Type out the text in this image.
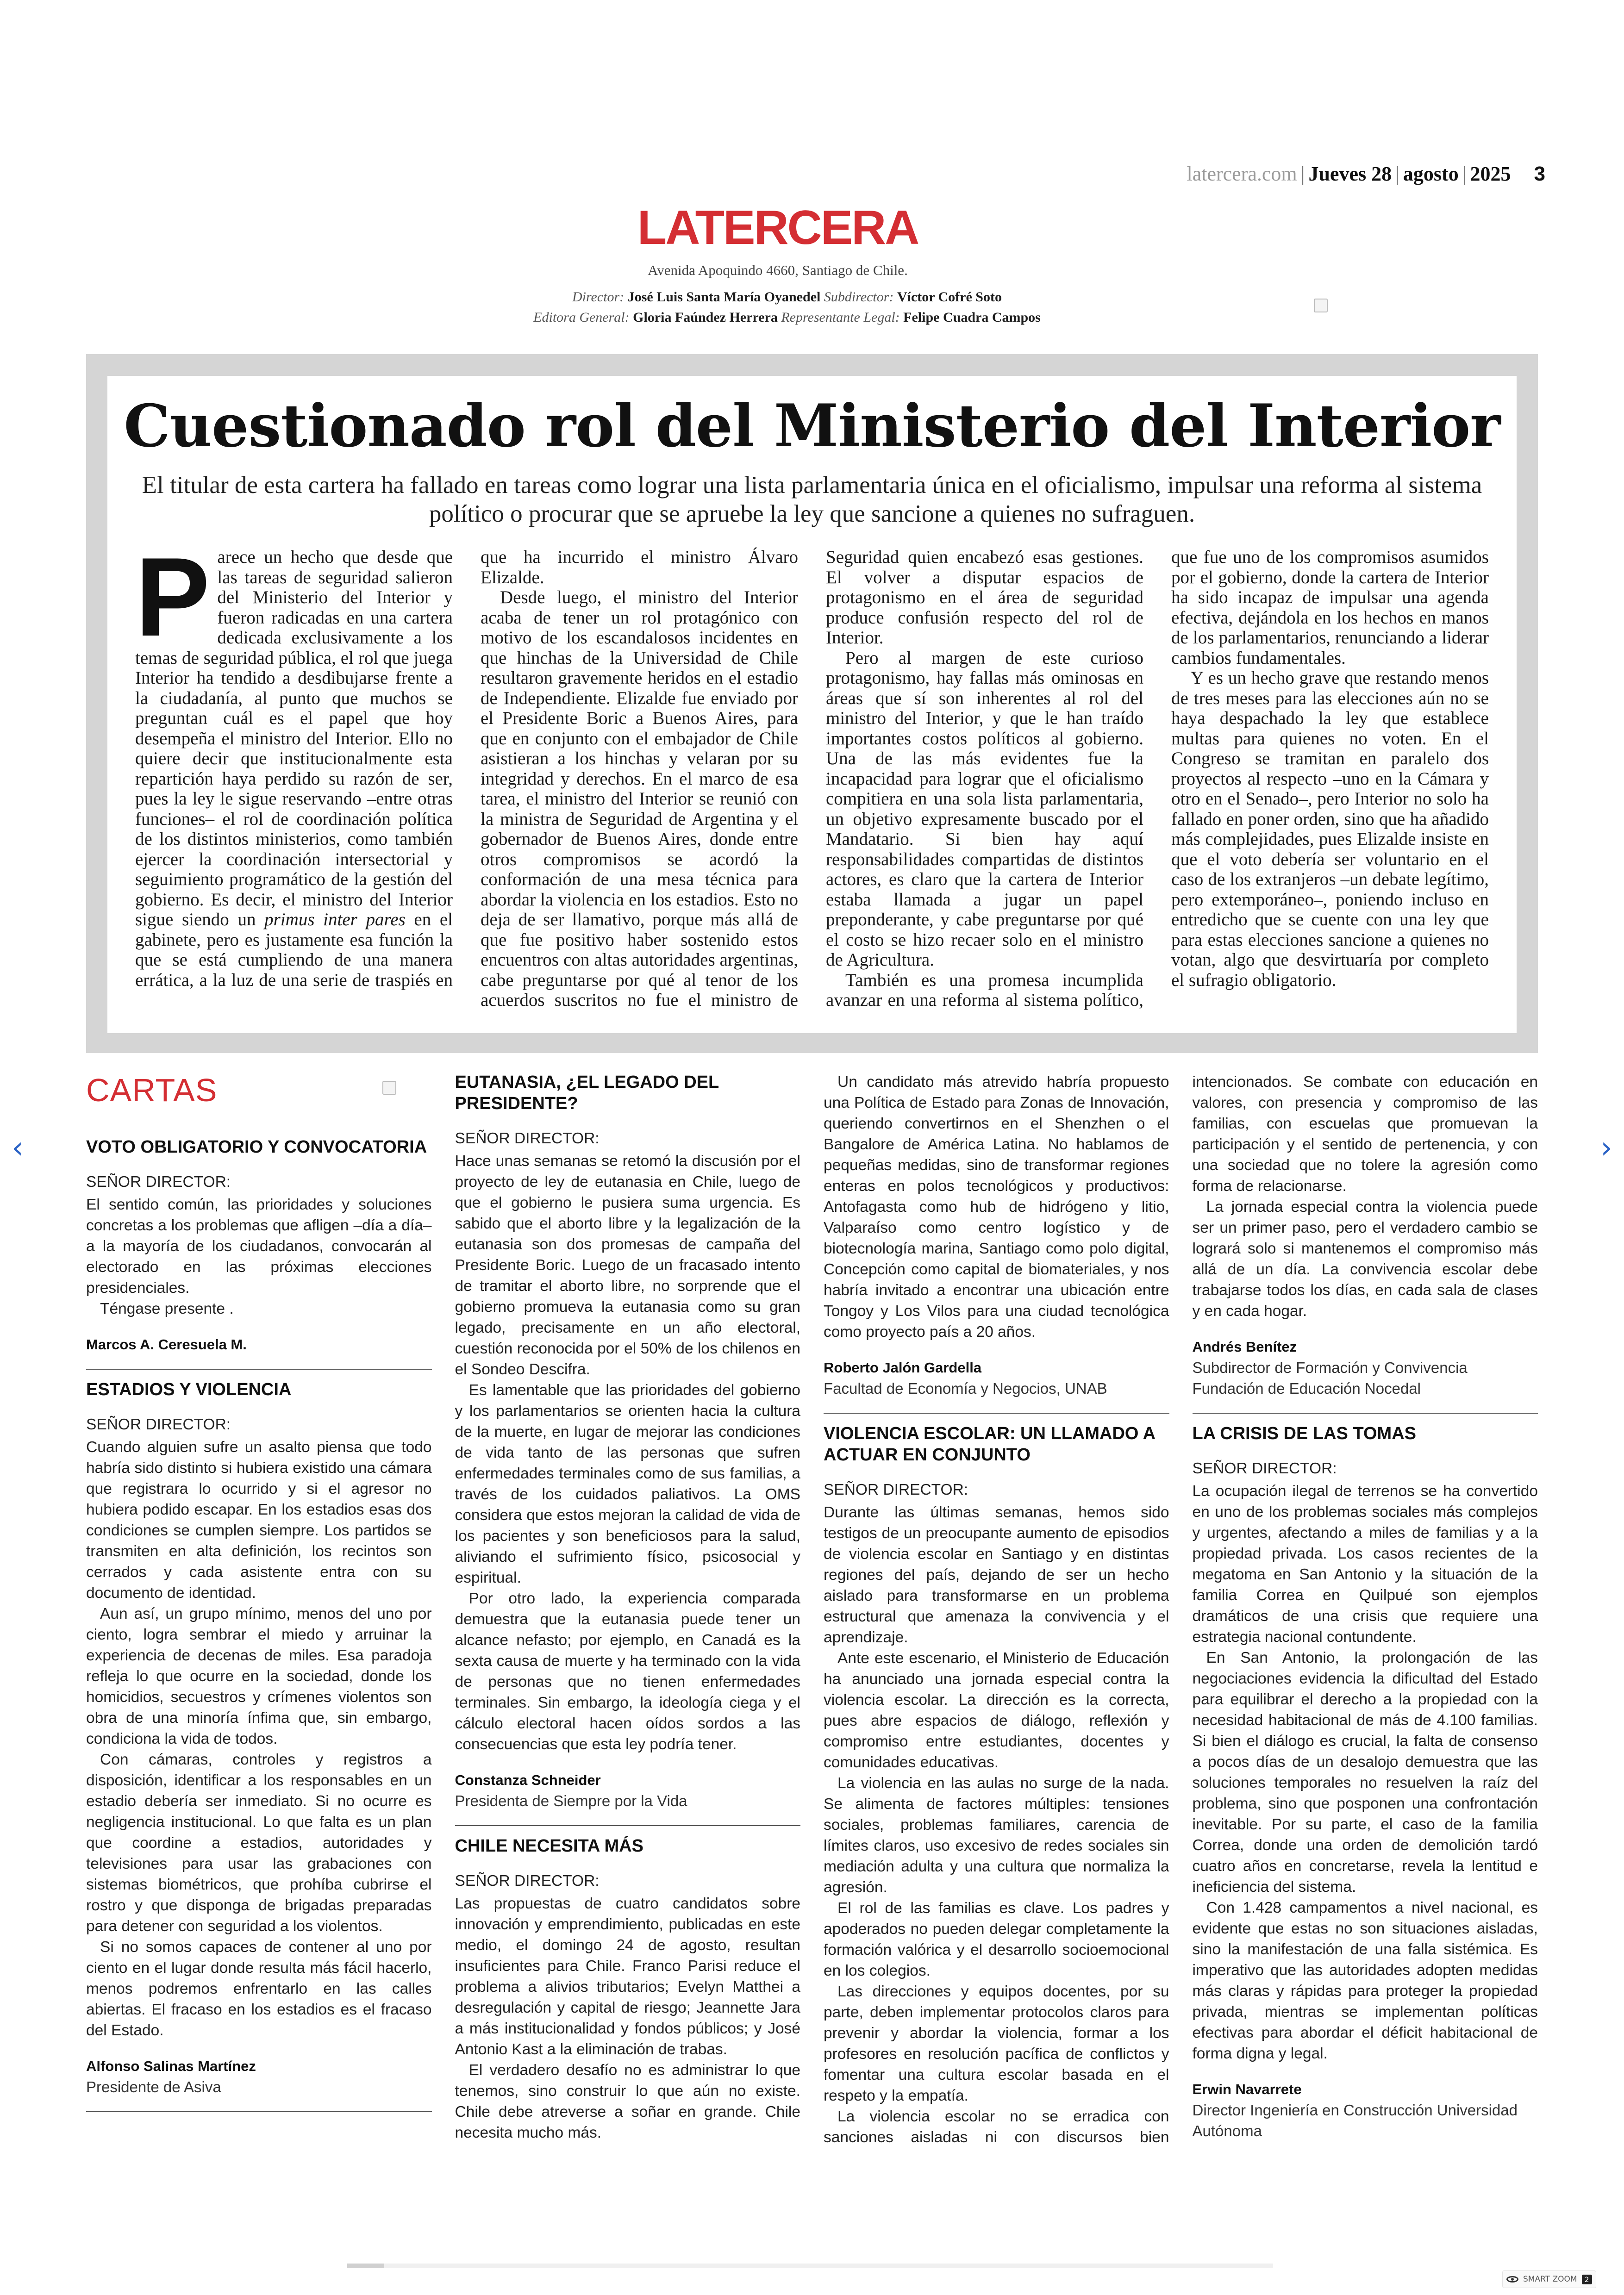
latercera.com | Jueves 28 | agosto | 2025 3
LATERCERA
Avenida Apoquindo 4660, Santiago de Chile.
Director: José Luis Santa María Oyanedel Subdirector: Víctor Cofré Soto
Editora General: Gloria Faúndez Herrera Representante Legal: Felipe Cuadra Campos
Cuestionado rol del Ministerio del Interior
El titular de esta cartera ha fallado en tareas como lograr una lista parlamentaria única en el oficialismo, impulsar una reforma al sistema político o procurar que se apruebe la ley que sancione a quienes no sufraguen.

Parece un hecho que desde que las tareas de seguridad salieron del Ministerio del Interior y fueron radicadas en una cartera dedicada exclusivamente a los temas de seguridad pública, el rol que juega Interior ha tendido a desdibujarse frente a la ciudadanía, al punto que muchos se preguntan cuál es el papel que hoy desempeña el ministro del Interior. Ello no quiere decir que institucionalmente esta repartición haya perdido su razón de ser, pues la ley le sigue reservando –entre otras funciones– el rol de coordinación política de los distintos ministerios, como también ejercer la coordinación intersectorial y seguimiento programático de la gestión del gobierno. Es decir, el ministro del Interior sigue siendo un primus inter pares en el gabinete, pero es justamente esa función la que se está cumpliendo de una manera errática, a la luz de una serie de traspiés en que ha incurrido el ministro Álvaro Elizalde.

Desde luego, el ministro del Interior acaba de tener un rol protagónico con motivo de los escandalosos incidentes en que hinchas de la Universidad de Chile resultaron gravemente heridos en el estadio de Independiente. Elizalde fue enviado por el Presidente Boric a Buenos Aires, para que en conjunto con el embajador de Chile asistieran a los hinchas y velaran por su integridad y derechos. En el marco de esa tarea, el ministro del Interior se reunió con la ministra de Seguridad de Argentina y el gobernador de Buenos Aires, donde entre otros compromisos se acordó la conformación de una mesa técnica para abordar la violencia en los estadios. Esto no deja de ser llamativo, porque más allá de que fue positivo haber sostenido estos encuentros con altas autoridades argentinas, cabe preguntarse por qué al tenor de los acuerdos suscritos no fue el ministro de Seguridad quien encabezó esas gestiones. El volver a disputar espacios de protagonismo en el área de seguridad produce confusión respecto del rol de Interior.

Pero al margen de este curioso protagonismo, hay fallas más ominosas en áreas que sí son inherentes al rol del ministro del Interior, y que le han traído importantes costos políticos al gobierno. Una de las más evidentes fue la incapacidad para lograr que el oficialismo compitiera en una sola lista parlamentaria, un objetivo expresamente buscado por el Mandatario. Si bien hay aquí responsabilidades compartidas de distintos actores, es claro que la cartera de Interior estaba llamada a jugar un papel preponderante, y cabe preguntarse por qué el costo se hizo recaer solo en el ministro de Agricultura.

También es una promesa incumplida avanzar en una reforma al sistema político, que fue uno de los compromisos asumidos por el gobierno, donde la cartera de Interior ha sido incapaz de impulsar una agenda efectiva, dejándola en los hechos en manos de los parlamentarios, renunciando a liderar cambios fundamentales.

Y es un hecho grave que restando menos de tres meses para las elecciones aún no se haya despachado la ley que establece multas para quienes no voten. En el Congreso se tramitan en paralelo dos proyectos al respecto –uno en la Cámara y otro en el Senado–, pero Interior no solo ha fallado en poner orden, sino que ha añadido más complejidades, pues Elizalde insiste en que el voto debería ser voluntario en el caso de los extranjeros –un debate legítimo, pero extemporáneo–, poniendo incluso en entredicho que se cuente con una ley que para estas elecciones sancione a quienes no votan, algo que desvirtuaría por completo el sufragio obligatorio.

CARTAS
VOTO OBLIGATORIO Y CONVOCATORIA
SEÑOR DIRECTOR:

El sentido común, las prioridades y soluciones concretas a los problemas que afligen –día a día– a la mayoría de los ciudadanos, convocarán al electorado en las próximas elecciones presidenciales.

Téngase presente .

Marcos A. Ceresuela M.
ESTADIOS Y VIOLENCIA
SEÑOR DIRECTOR:

Cuando alguien sufre un asalto piensa que todo habría sido distinto si hubiera existido una cámara que registrara lo ocurrido y si el agresor no hubiera podido escapar. En los estadios esas dos condiciones se cumplen siempre. Los partidos se transmiten en alta definición, los recintos son cerrados y cada asistente entra con su documento de identidad.

Aun así, un grupo mínimo, menos del uno por ciento, logra sembrar el miedo y arruinar la experiencia de decenas de miles. Esa paradoja refleja lo que ocurre en la sociedad, donde los homicidios, secuestros y crímenes violentos son obra de una minoría ínfima que, sin embargo, condiciona la vida de todos.

Con cámaras, controles y registros a disposición, identificar a los responsables en un estadio debería ser inmediato. Si no ocurre es negligencia institucional. Lo que falta es un plan que coordine a estadios, autoridades y televisiones para usar las grabaciones con sistemas biométricos, que prohíba cubrirse el rostro y que disponga de brigadas preparadas para detener con seguridad a los violentos.

Si no somos capaces de contener al uno por ciento en el lugar donde resulta más fácil hacerlo, menos podremos enfrentarlo en las calles abiertas. El fracaso en los estadios es el fracaso del Estado.

Alfonso Salinas Martínez
Presidente de Asiva
EUTANASIA, ¿EL LEGADO DEL PRESIDENTE?
SEÑOR DIRECTOR:

Hace unas semanas se retomó la discusión por el proyecto de ley de eutanasia en Chile, luego de que el gobierno le pusiera suma urgencia. Es sabido que el aborto libre y la legalización de la eutanasia son dos promesas de campaña del Presidente Boric. Luego de un fracasado intento de tramitar el aborto libre, no sorprende que el gobierno promueva la eutanasia como su gran legado, precisamente en un año electoral, cuestión reconocida por el 50% de los chilenos en el Sondeo Descifra.

Es lamentable que las prioridades del gobierno y los parlamentarios se orienten hacia la cultura de la muerte, en lugar de mejorar las condiciones de vida tanto de las personas que sufren enfermedades terminales como de sus familias, a través de los cuidados paliativos. La OMS considera que estos mejoran la calidad de vida de los pacientes y son beneficiosos para la salud, aliviando el sufrimiento físico, psicosocial y espiritual.

Por otro lado, la experiencia comparada demuestra que la eutanasia puede tener un alcance nefasto; por ejemplo, en Canadá es la sexta causa de muerte y ha terminado con la vida de personas que no tienen enfermedades terminales. Sin embargo, la ideología ciega y el cálculo electoral hacen oídos sordos a las consecuencias que esta ley podría tener.

Constanza Schneider
Presidenta de Siempre por la Vida
CHILE NECESITA MÁS
SEÑOR DIRECTOR:

Las propuestas de cuatro candidatos sobre innovación y emprendimiento, publicadas en este medio, el domingo 24 de agosto, resultan insuficientes para Chile. Franco Parisi reduce el problema a alivios tributarios; Evelyn Matthei a desregulación y capital de riesgo; Jeannette Jara a más institucionalidad y fondos públicos; y José Antonio Kast a la eliminación de trabas.

El verdadero desafío no es administrar lo que tenemos, sino construir lo que aún no existe. Chile debe atreverse a soñar en grande. Chile necesita mucho más.

Un candidato más atrevido habría propuesto una Política de Estado para Zonas de Innovación, queriendo convertirnos en el Shenzhen o el Bangalore de América Latina. No hablamos de pequeñas medidas, sino de transformar regiones enteras en polos tecnológicos y productivos: Antofagasta como hub de hidrógeno y litio, Valparaíso como centro logístico y de biotecnología marina, Santiago como polo digital, Concepción como capital de biomateriales, y nos habría invitado a encontrar una ubicación entre Tongoy y Los Vilos para una ciudad tecnológica como proyecto país a 20 años.

Roberto Jalón Gardella
Facultad de Economía y Negocios, UNAB
VIOLENCIA ESCOLAR: UN LLAMADO A ACTUAR EN CONJUNTO
SEÑOR DIRECTOR:

Durante las últimas semanas, hemos sido testigos de un preocupante aumento de episodios de violencia escolar en Santiago y en distintas regiones del país, dejando de ser un hecho aislado para transformarse en un problema estructural que amenaza la convivencia y el aprendizaje.

Ante este escenario, el Ministerio de Educación ha anunciado una jornada especial contra la violencia escolar. La dirección es la correcta, pues abre espacios de diálogo, reflexión y compromiso entre estudiantes, docentes y comunidades educativas.

La violencia en las aulas no surge de la nada. Se alimenta de factores múltiples: tensiones sociales, problemas familiares, carencia de límites claros, uso excesivo de redes sociales sin mediación adulta y una cultura que normaliza la agresión.

El rol de las familias es clave. Los padres y apoderados no pueden delegar completamente la formación valórica y el desarrollo socioemocional en los colegios.

Las direcciones y equipos docentes, por su parte, deben implementar protocolos claros para prevenir y abordar la violencia, formar a los profesores en resolución pacífica de conflictos y fomentar una cultura escolar basada en el respeto y la empatía.

La violencia escolar no se erradica con sanciones aisladas ni con discursos bien intencionados. Se combate con educación en valores, con presencia y compromiso de las familias, con escuelas que promuevan la participación y el sentido de pertenencia, y con una sociedad que no tolere la agresión como forma de relacionarse.

La jornada especial contra la violencia puede ser un primer paso, pero el verdadero cambio se logrará solo si mantenemos el compromiso más allá de un día. La convivencia escolar debe trabajarse todos los días, en cada sala de clases y en cada hogar.

Andrés Benítez
Subdirector de Formación y Convivencia Fundación de Educación Nocedal
LA CRISIS DE LAS TOMAS
SEÑOR DIRECTOR:

La ocupación ilegal de terrenos se ha convertido en uno de los problemas sociales más complejos y urgentes, afectando a miles de familias y a la propiedad privada. Los casos recientes de la megatoma en San Antonio y la situación de la familia Correa en Quilpué son ejemplos dramáticos de una crisis que requiere una estrategia nacional contundente.

En San Antonio, la prolongación de las negociaciones evidencia la dificultad del Estado para equilibrar el derecho a la propiedad con la necesidad habitacional de más de 4.100 familias. Si bien el diálogo es crucial, la falta de consenso a pocos días de un desalojo demuestra que las soluciones temporales no resuelven la raíz del problema, sino que posponen una confrontación inevitable. Por su parte, el caso de la familia Correa, donde una orden de demolición tardó cuatro años en concretarse, revela la lentitud e ineficiencia del sistema.

Con 1.428 campamentos a nivel nacional, es evidente que estas no son situaciones aisladas, sino la manifestación de una falla sistémica. Es imperativo que las autoridades adopten medidas más claras y rápidas para proteger la propiedad privada, mientras se implementan políticas efectivas para abordar el déficit habitacional de forma digna y legal.

Erwin Navarrete
Director Ingeniería en Construcción Universidad Autónoma
‹	›
SMART ZOOM	2
